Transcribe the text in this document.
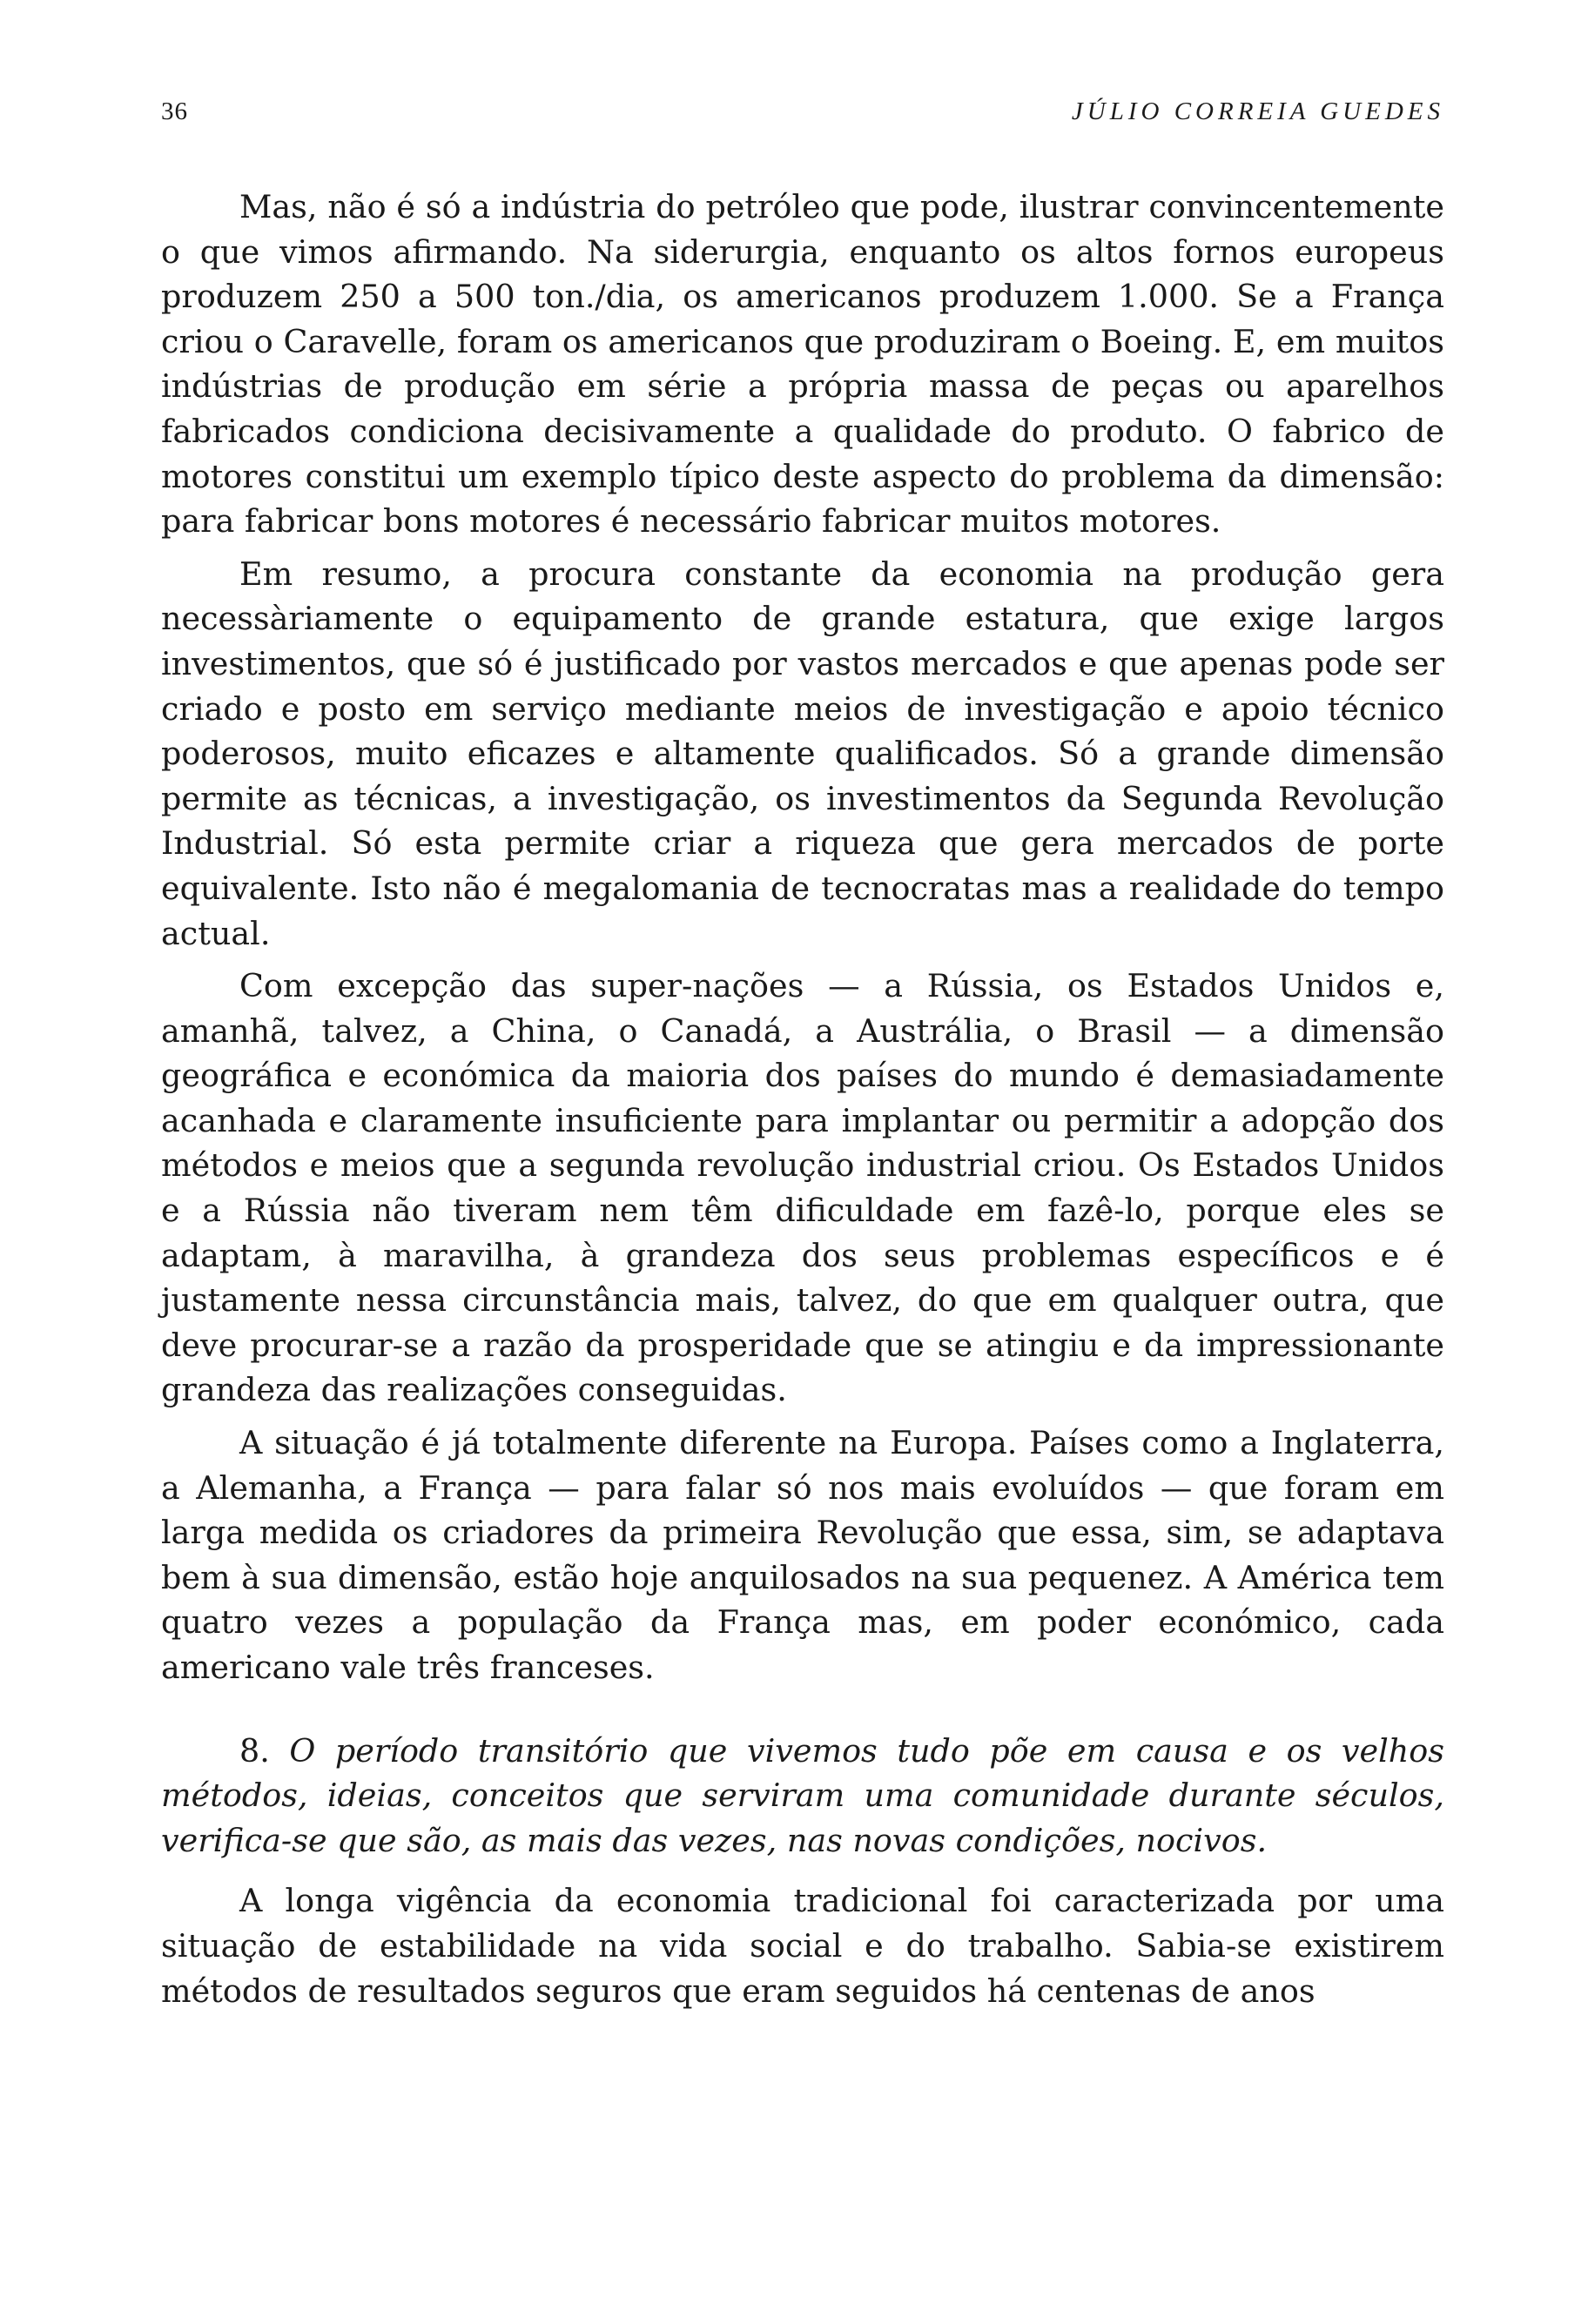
36	JÚLIO CORREIA GUEDES

Mas, não é só a indústria do petróleo que pode, ilustrar convincentemente o que vimos afirmando. Na siderurgia, enquanto os altos fornos europeus produzem 250 a 500 ton./dia, os americanos produzem 1.000. Se a França criou o Caravelle, foram os americanos que produziram o Boeing. E, em muitos indústrias de produção em série a própria massa de peças ou aparelhos fabricados condiciona decisivamente a qualidade do produto. O fabrico de motores constitui um exemplo típico deste aspecto do problema da dimensão: para fabricar bons motores é necessário fabricar muitos motores.

Em resumo, a procura constante da economia na produção gera necessàriamente o equipamento de grande estatura, que exige largos investimentos, que só é justificado por vastos mercados e que apenas pode ser criado e posto em serviço mediante meios de investigação e apoio técnico poderosos, muito eficazes e altamente qualificados. Só a grande dimensão permite as técnicas, a investigação, os investimentos da Segunda Revolução Industrial. Só esta permite criar a riqueza que gera mercados de porte equivalente. Isto não é megalomania de tecnocratas mas a realidade do tempo actual.

Com excepção das super-nações — a Rússia, os Estados Unidos e, amanhã, talvez, a China, o Canadá, a Austrália, o Brasil — a dimensão geográfica e económica da maioria dos países do mundo é demasiadamente acanhada e claramente insuficiente para implantar ou permitir a adopção dos métodos e meios que a segunda revolução industrial criou. Os Estados Unidos e a Rússia não tiveram nem têm dificuldade em fazê-lo, porque eles se adaptam, à maravilha, à grandeza dos seus problemas específicos e é justamente nessa circunstância mais, talvez, do que em qualquer outra, que deve procurar-se a razão da prosperidade que se atingiu e da impressionante grandeza das realizações conseguidas.

A situação é já totalmente diferente na Europa. Países como a Inglaterra, a Alemanha, a França — para falar só nos mais evoluídos — que foram em larga medida os criadores da primeira Revolução que essa, sim, se adaptava bem à sua dimensão, estão hoje anquilosados na sua pequenez. A América tem quatro vezes a população da França mas, em poder económico, cada americano vale três franceses.

8. O período transitório que vivemos tudo põe em causa e os velhos métodos, ideias, conceitos que serviram uma comunidade durante séculos, verifica-se que são, as mais das vezes, nas novas condições, nocivos.

A longa vigência da economia tradicional foi caracterizada por uma situação de estabilidade na vida social e do trabalho. Sabia-se existirem métodos de resultados seguros que eram seguidos há centenas de anos
